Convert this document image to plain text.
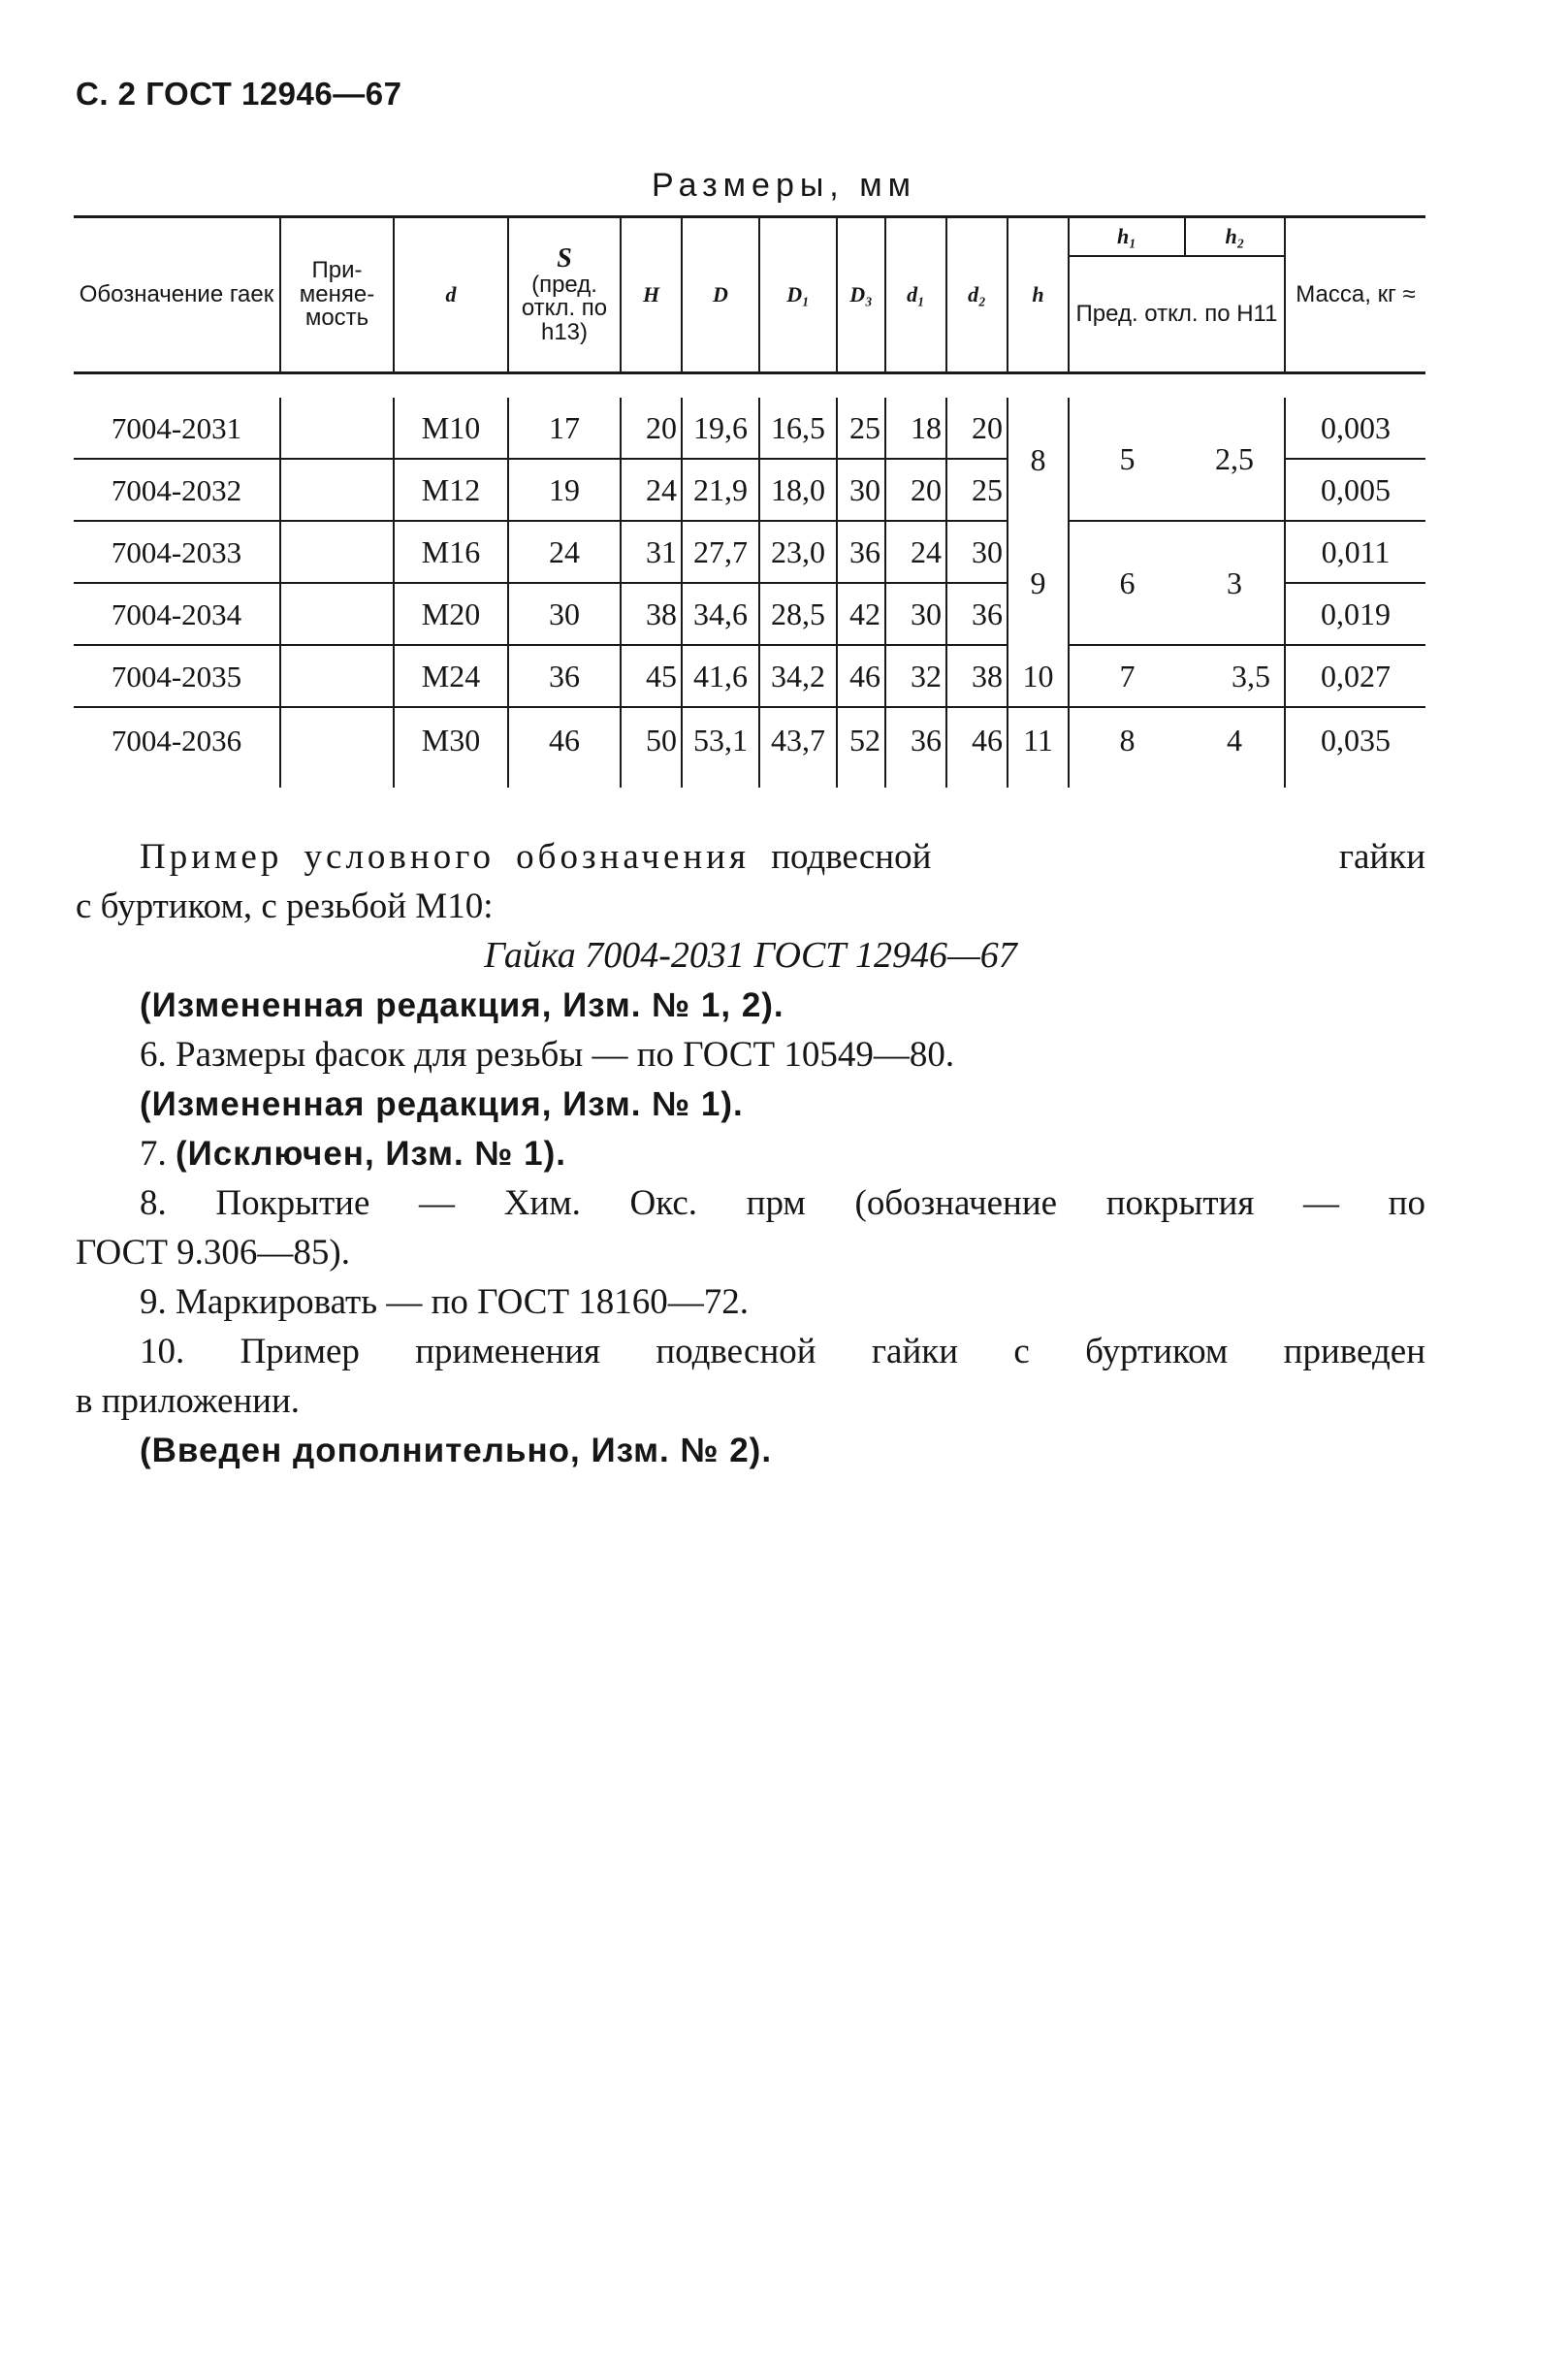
С. 2 ГОСТ 12946—67
Размеры, мм
Обозначение гаек	При- меняе- мость	d	S
(пред. откл. по h13)	H	D	D₁	D₃	d₁	d₂	h	h₁	h₂	Масса, кг ≈
											Пред. откл. по H11		

7004-2031		М10	17	20	19,6	16,5	25	18	20	8	5	2,5	0,003
7004-2032		М12	19	24	21,9	18,0	30	20	25				0,005
7004-2033		М16	24	31	27,7	23,0	36	24	30	9	6	3	0,011
7004-2034		М20	30	38	34,6	28,5	42	30	36				0,019
7004-2035		М24	36	45	41,6	34,2	46	32	38	10	7	3,5	0,027
7004-2036		М30	46	50	53,1	43,7	52	36	46	11	8	4	0,035

Пример условного обозначения подвесной гайки

с буртиком, с резьбой М10:

Гайка 7004-2031 ГОСТ 12946—67

(Измененная редакция, Изм. № 1, 2).

6. Размеры фасок для резьбы — по ГОСТ 10549—80.

(Измененная редакция, Изм. № 1).

7. (Исключен, Изм. № 1).

8. Покрытие — Хим. Окс. прм (обозначение покрытия — по

ГОСТ 9.306—85).

9. Маркировать — по ГОСТ 18160—72.

10. Пример применения подвесной гайки с буртиком приведен

в приложении.

(Введен дополнительно, Изм. № 2).
